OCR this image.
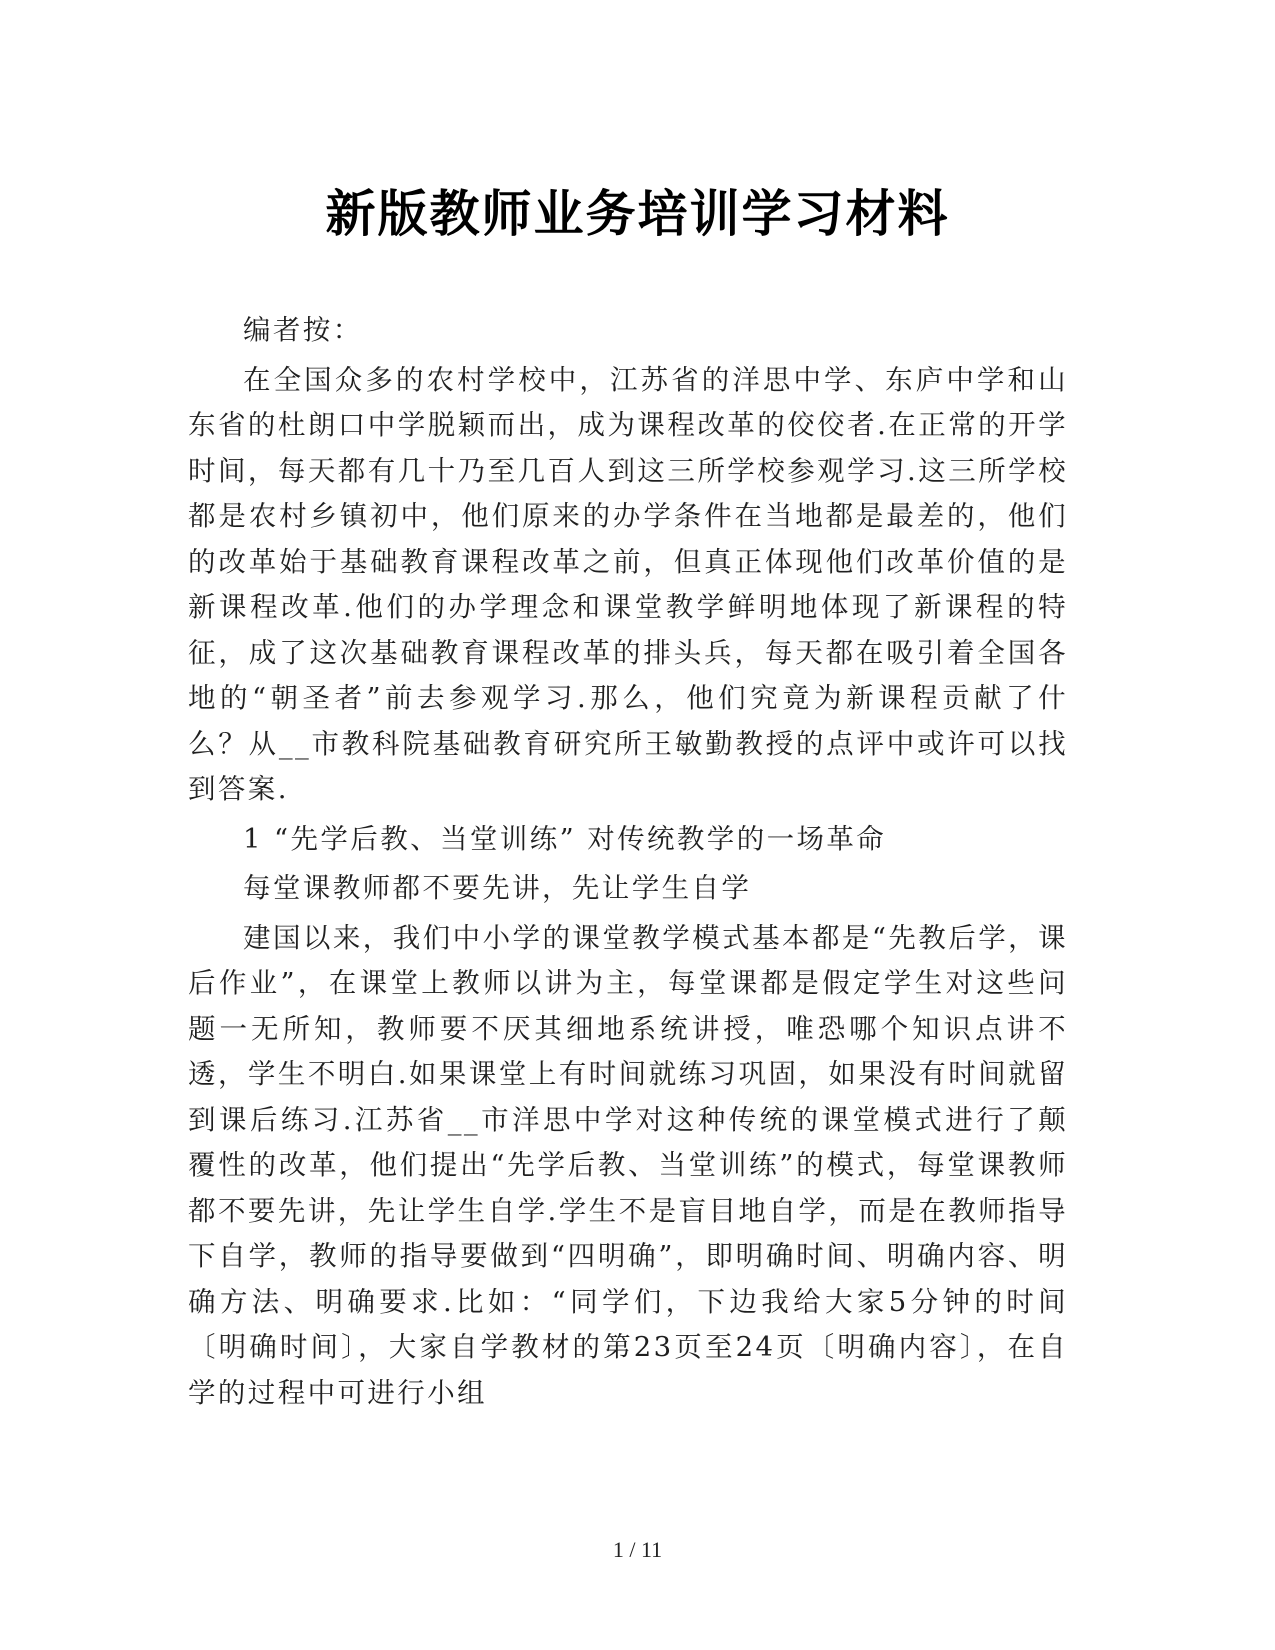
新版教师业务培训学习材料

编者按：

在全国众多的农村学校中，江苏省的洋思中学、东庐中学和山东省的杜朗口中学脱颖而出，成为课程改革的佼佼者.在正常的开学时间，每天都有几十乃至几百人到这三所学校参观学习.这三所学校都是农村乡镇初中，他们原来的办学条件在当地都是最差的，他们的改革始于基础教育课程改革之前，但真正体现他们改革价值的是新课程改革.他们的办学理念和课堂教学鲜明地体现了新课程的特征，成了这次基础教育课程改革的排头兵，每天都在吸引着全国各地的“朝圣者”前去参观学习.那么，他们究竟为新课程贡献了什么？从__市教科院基础教育研究所王敏勤教授的点评中或许可以找到答案.

1 “先学后教、当堂训练” 对传统教学的一场革命

每堂课教师都不要先讲，先让学生自学

建国以来，我们中小学的课堂教学模式基本都是“先教后学，课后作业”，在课堂上教师以讲为主，每堂课都是假定学生对这些问题一无所知，教师要不厌其细地系统讲授，唯恐哪个知识点讲不透，学生不明白.如果课堂上有时间就练习巩固，如果没有时间就留到课后练习.江苏省__市洋思中学对这种传统的课堂模式进行了颠覆性的改革，他们提出“先学后教、当堂训练”的模式，每堂课教师都不要先讲，先让学生自学.学生不是盲目地自学，而是在教师指导下自学，教师的指导要做到“四明确”，即明确时间、明确内容、明确方法、明确要求.比如：“同学们，下边我给大家5分钟的时间〔明确时间〕，大家自学教材的第23页至24页〔明确内容〕，在自学的过程中可进行小组

1 / 11
